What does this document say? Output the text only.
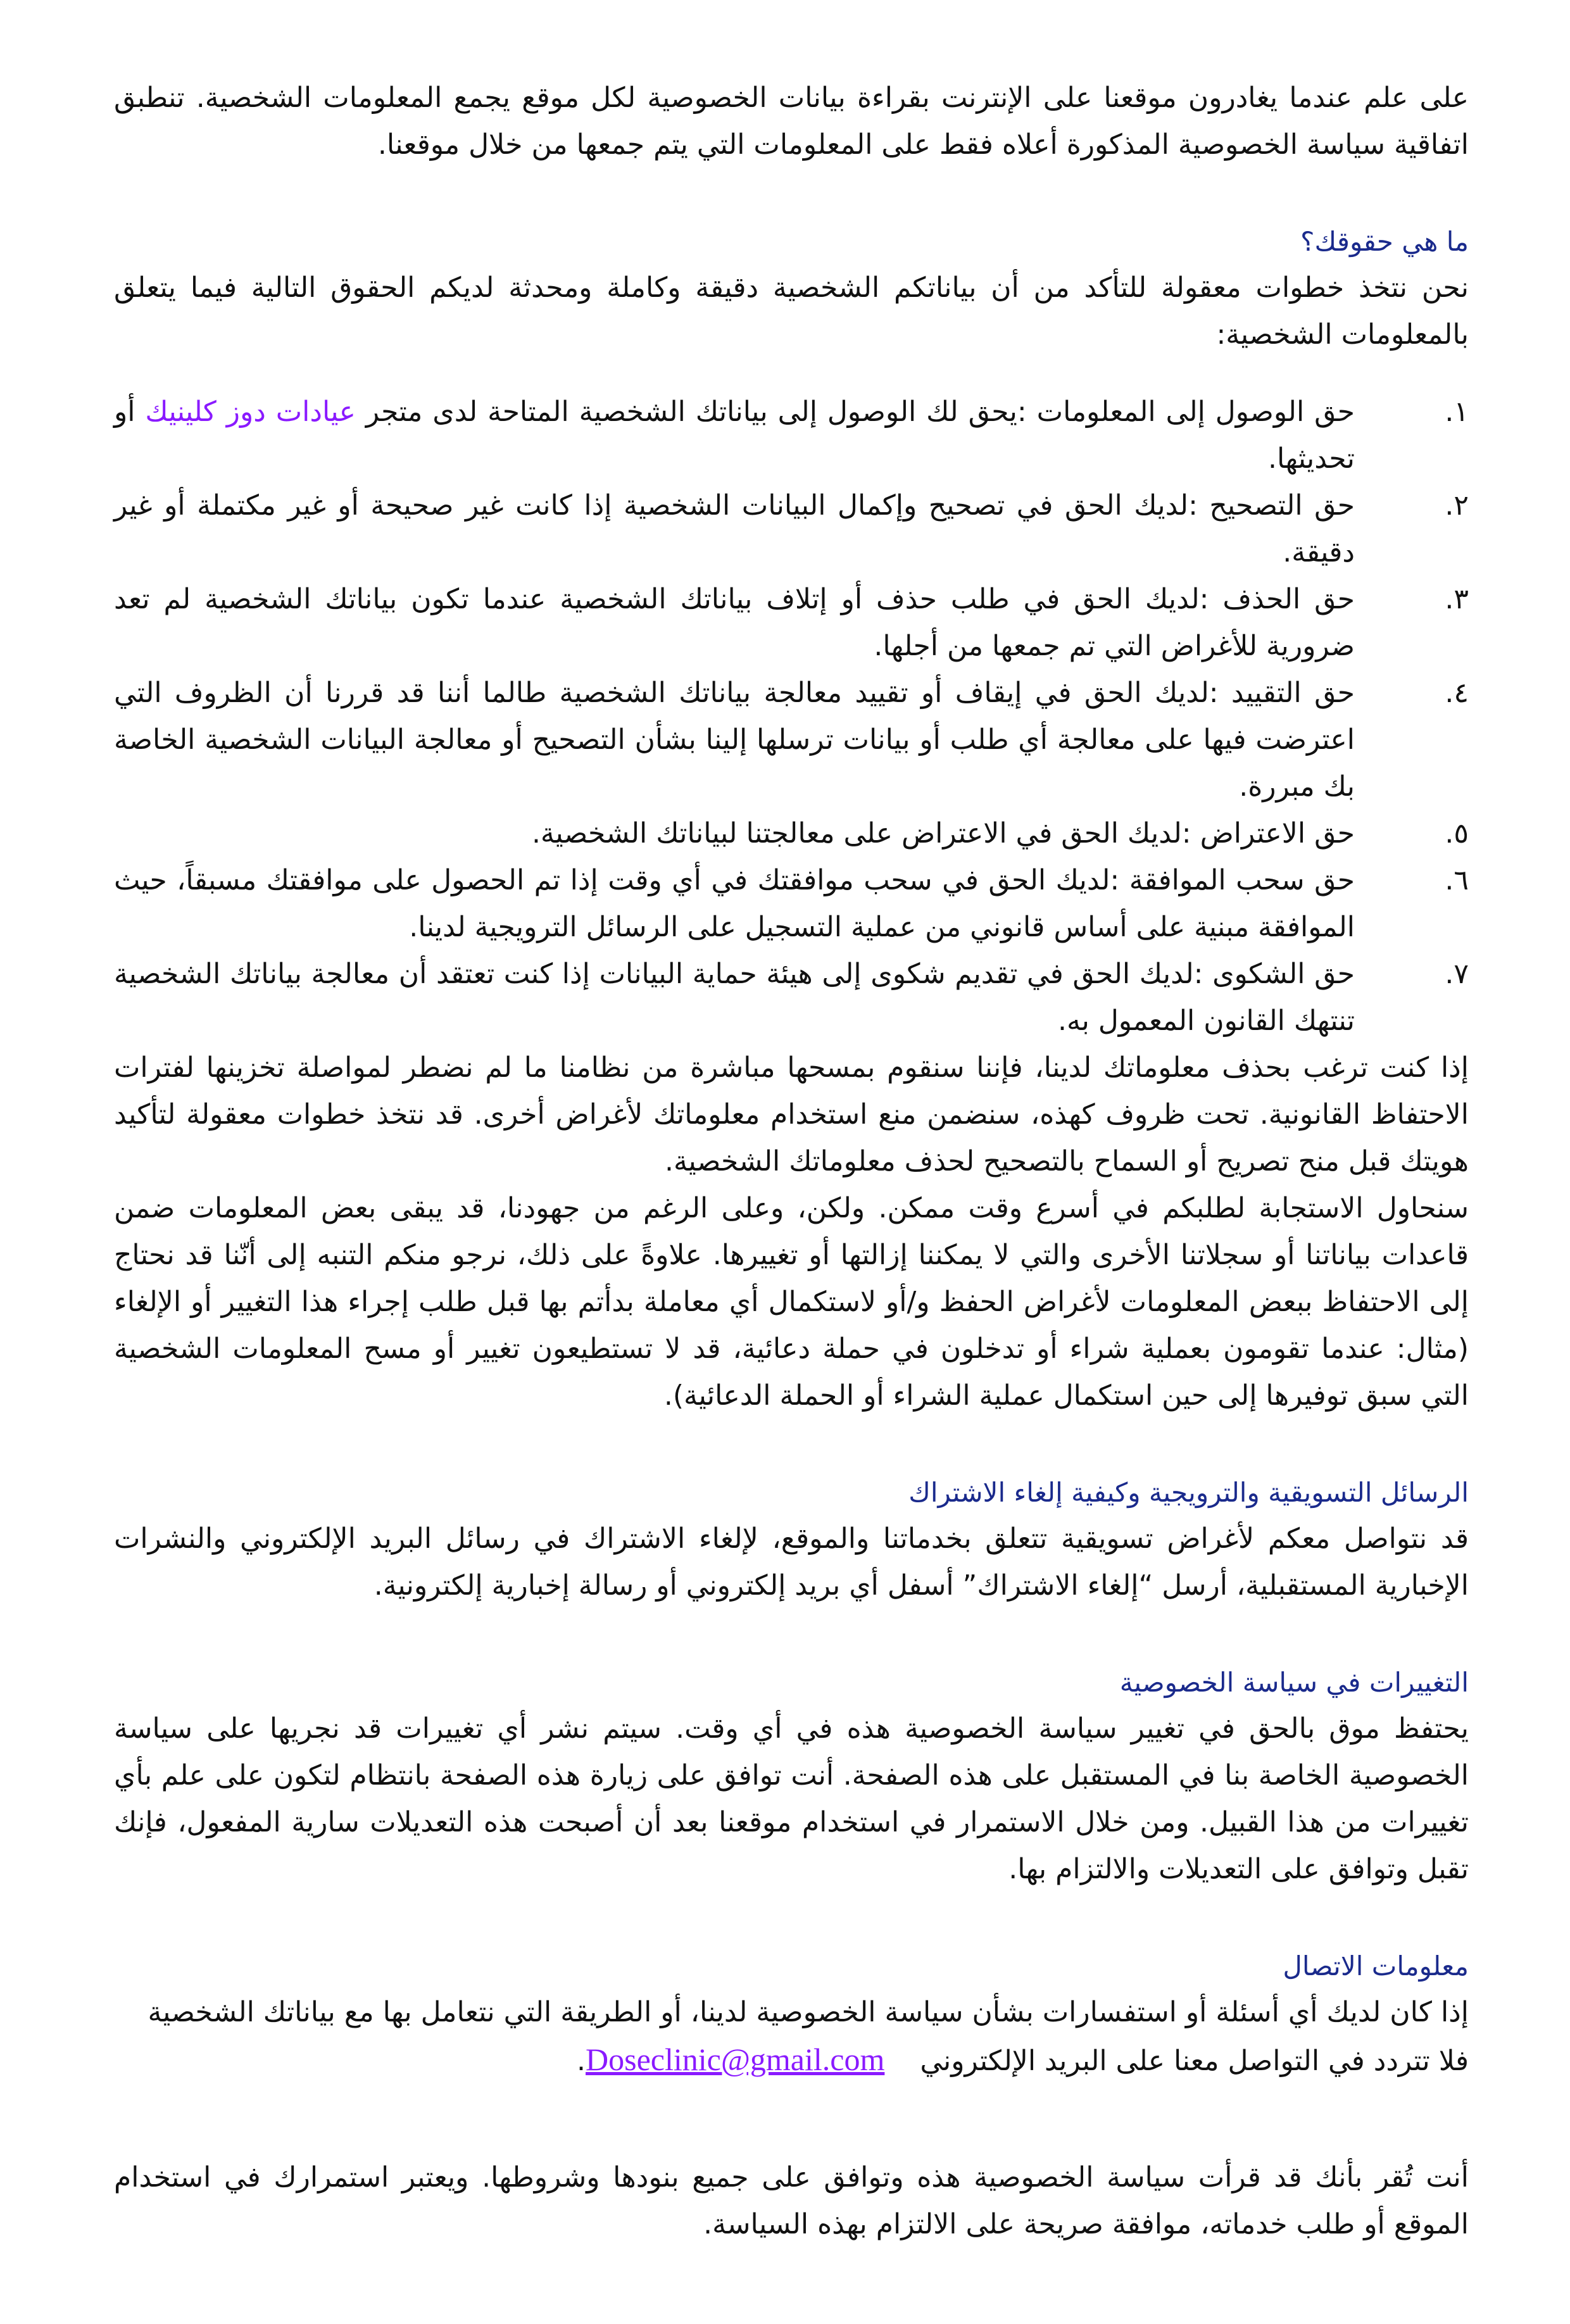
على علم عندما يغادرون موقعنا على الإنترنت بقراءة بيانات الخصوصية لكل موقع يجمع المعلومات الشخصية. تنطبق اتفاقية سياسة الخصوصية المذكورة أعلاه فقط على المعلومات التي يتم جمعها من خلال موقعنا.

ما هي حقوقك؟

نحن نتخذ خطوات معقولة للتأكد من أن بياناتكم الشخصية دقيقة وكاملة ومحدثة لديكم الحقوق التالية فيما يتعلق بالمعلومات الشخصية:

١.
حق الوصول إلى المعلومات :يحق لك الوصول إلى بياناتك الشخصية المتاحة لدى متجر عيادات دوز كلينيك أو تحديثها.
٢.
حق التصحيح :لديك الحق في تصحيح وإكمال البيانات الشخصية إذا كانت غير صحيحة أو غير مكتملة أو غير دقيقة.
٣.
حق الحذف :لديك الحق في طلب حذف أو إتلاف بياناتك الشخصية عندما تكون بياناتك الشخصية لم تعد ضرورية للأغراض التي تم جمعها من أجلها.
٤.
حق التقييد :لديك الحق في إيقاف أو تقييد معالجة بياناتك الشخصية طالما أننا قد قررنا أن الظروف التي اعترضت فيها على معالجة أي طلب أو بيانات ترسلها إلينا بشأن التصحيح أو معالجة البيانات الشخصية الخاصة بك مبررة.
٥.
حق الاعتراض :لديك الحق في الاعتراض على معالجتنا لبياناتك الشخصية.
٦.
حق سحب الموافقة :لديك الحق في سحب موافقتك في أي وقت إذا تم الحصول على موافقتك مسبقاً، حيث الموافقة مبنية على أساس قانوني من عملية التسجيل على الرسائل الترويجية لدينا.
٧.
حق الشكوى :لديك الحق في تقديم شكوى إلى هيئة حماية البيانات إذا كنت تعتقد أن معالجة بياناتك الشخصية تنتهك القانون المعمول به.

إذا كنت ترغب بحذف معلوماتك لدينا، فإننا سنقوم بمسحها مباشرة من نظامنا ما لم نضطر لمواصلة تخزينها لفترات الاحتفاظ القانونية. تحت ظروف كهذه، سنضمن منع استخدام معلوماتك لأغراض أخرى. قد نتخذ خطوات معقولة لتأكيد هويتك قبل منح تصريح أو السماح بالتصحيح لحذف معلوماتك الشخصية.

سنحاول الاستجابة لطلبكم في أسرع وقت ممكن. ولكن، وعلى الرغم من جهودنا، قد يبقى بعض المعلومات ضمن قاعدات بياناتنا أو سجلاتنا الأخرى والتي لا يمكننا إزالتها أو تغييرها. علاوةً على ذلك، نرجو منكم التنبه إلى أنّنا قد نحتاج إلى الاحتفاظ ببعض المعلومات لأغراض الحفظ و/أو لاستكمال أي معاملة بدأتم بها قبل طلب إجراء هذا التغيير أو الإلغاء (مثال: عندما تقومون بعملية شراء أو تدخلون في حملة دعائية، قد لا تستطيعون تغيير أو مسح المعلومات الشخصية التي سبق توفيرها إلى حين استكمال عملية الشراء أو الحملة الدعائية).

الرسائل التسويقية والترويجية وكيفية إلغاء الاشتراك

قد نتواصل معكم لأغراض تسويقية تتعلق بخدماتنا والموقع، لإلغاء الاشتراك في رسائل البريد الإلكتروني والنشرات الإخبارية المستقبلية، أرسل “إلغاء الاشتراك” أسفل أي بريد إلكتروني أو رسالة إخبارية إلكترونية.

التغييرات في سياسة الخصوصية

يحتفظ موق بالحق في تغيير سياسة الخصوصية هذه في أي وقت. سيتم نشر أي تغييرات قد نجريها على سياسة الخصوصية الخاصة بنا في المستقبل على هذه الصفحة. أنت توافق على زيارة هذه الصفحة بانتظام لتكون على علم بأي تغييرات من هذا القبيل. ومن خلال الاستمرار في استخدام موقعنا بعد أن أصبحت هذه التعديلات سارية المفعول، فإنك تقبل وتوافق على التعديلات والالتزام بها.

معلومات الاتصال

إذا كان لديك أي أسئلة أو استفسارات بشأن سياسة الخصوصية لدينا، أو الطريقة التي نتعامل بها مع بياناتك الشخصية فلا تتردد في التواصل معنا على البريد الإلكتروني    Doseclinic@gmail.com.

أنت تُقر بأنك قد قرأت سياسة الخصوصية هذه وتوافق على جميع بنودها وشروطها. ويعتبر استمرارك في استخدام الموقع أو طلب خدماته، موافقة صريحة على الالتزام بهذه السياسة.
